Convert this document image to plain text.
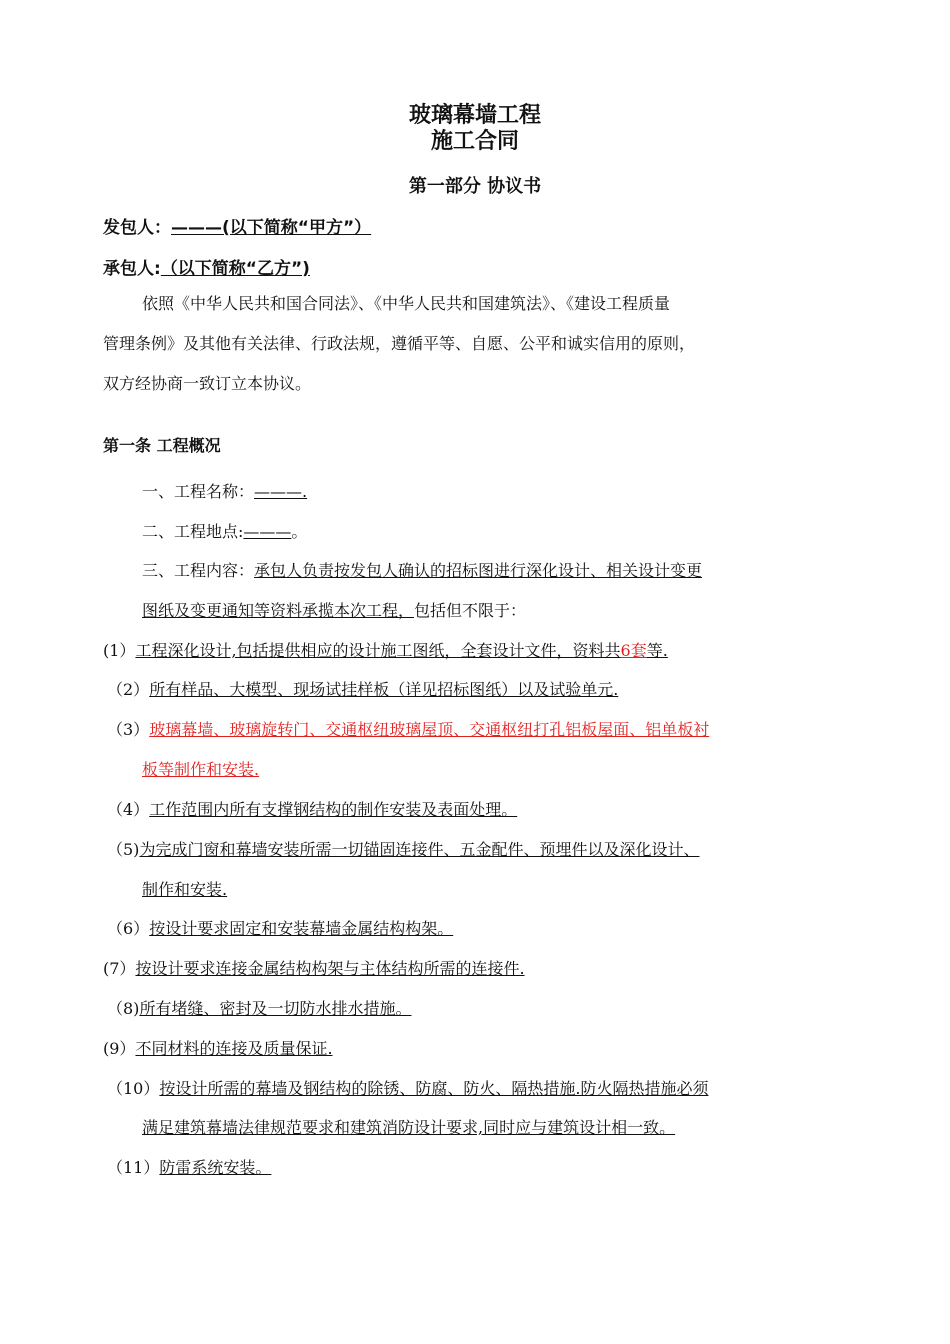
玻璃幕墙工程
施工合同
第一部分 协议书
发包人：———(以下简称“甲方”）
承包人:（以下简称“乙方”)
依照《中华人民共和国合同法》、《中华人民共和国建筑法》、《建设工程质量
管理条例》及其他有关法律、行政法规，遵循平等、自愿、公平和诚实信用的原则，
双方经协商一致订立本协议。
第一条 工程概况
一、工程名称：———.
二、工程地点:———。
三、工程内容：承包人负责按发包人确认的招标图进行深化设计、相关设计变更
图纸及变更通知等资料承揽本次工程，包括但不限于：
(1）工程深化设计,包括提供相应的设计施工图纸，全套设计文件，资料共6套等.
（2）所有样品、大模型、现场试挂样板（详见招标图纸）以及试验单元.
（3）玻璃幕墙、玻璃旋转门、交通枢纽玻璃屋顶、交通枢纽打孔铝板屋面、铝单板衬
板等制作和安装.
（4）工作范围内所有支撑钢结构的制作安装及表面处理。
（5)为完成门窗和幕墙安装所需一切锚固连接件、五金配件、预埋件以及深化设计、
制作和安装.
（6）按设计要求固定和安装幕墙金属结构构架。
(7）按设计要求连接金属结构构架与主体结构所需的连接件.
（8)所有堵缝、密封及一切防水排水措施。
(9）不同材料的连接及质量保证.
（10）按设计所需的幕墙及钢结构的除锈、防腐、防火、隔热措施.防火隔热措施必须
满足建筑幕墙法律规范要求和建筑消防设计要求,同时应与建筑设计相一致。
（11）防雷系统安装。
